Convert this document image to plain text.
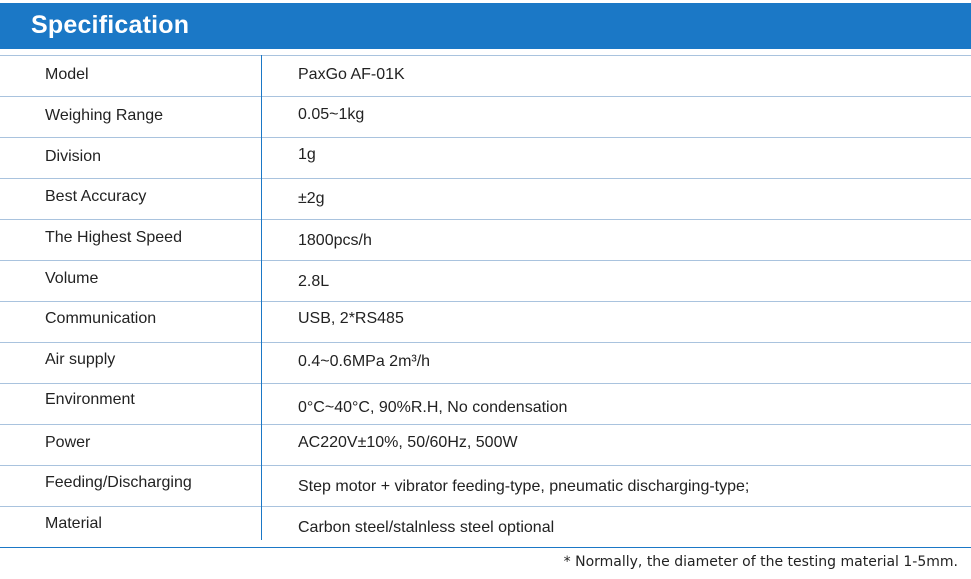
Specification
Model	PaxGo AF-01K
Weighing Range	0.05~1kg
Division	1g
Best Accuracy	±2g
The Highest Speed	1800pcs/h
Volume	2.8L
Communication	USB, 2*RS485
Air supply	0.4~0.6MPa 2m³/h
Environment	0°C~40°C, 90%R.H, No condensation
Power	AC220V±10%, 50/60Hz, 500W
Feeding/Discharging	Step motor + vibrator feeding-type, pneumatic discharging-type;
Material	Carbon steel/stalnless steel optional
* Normally, the diameter of the testing material 1-5mm.
